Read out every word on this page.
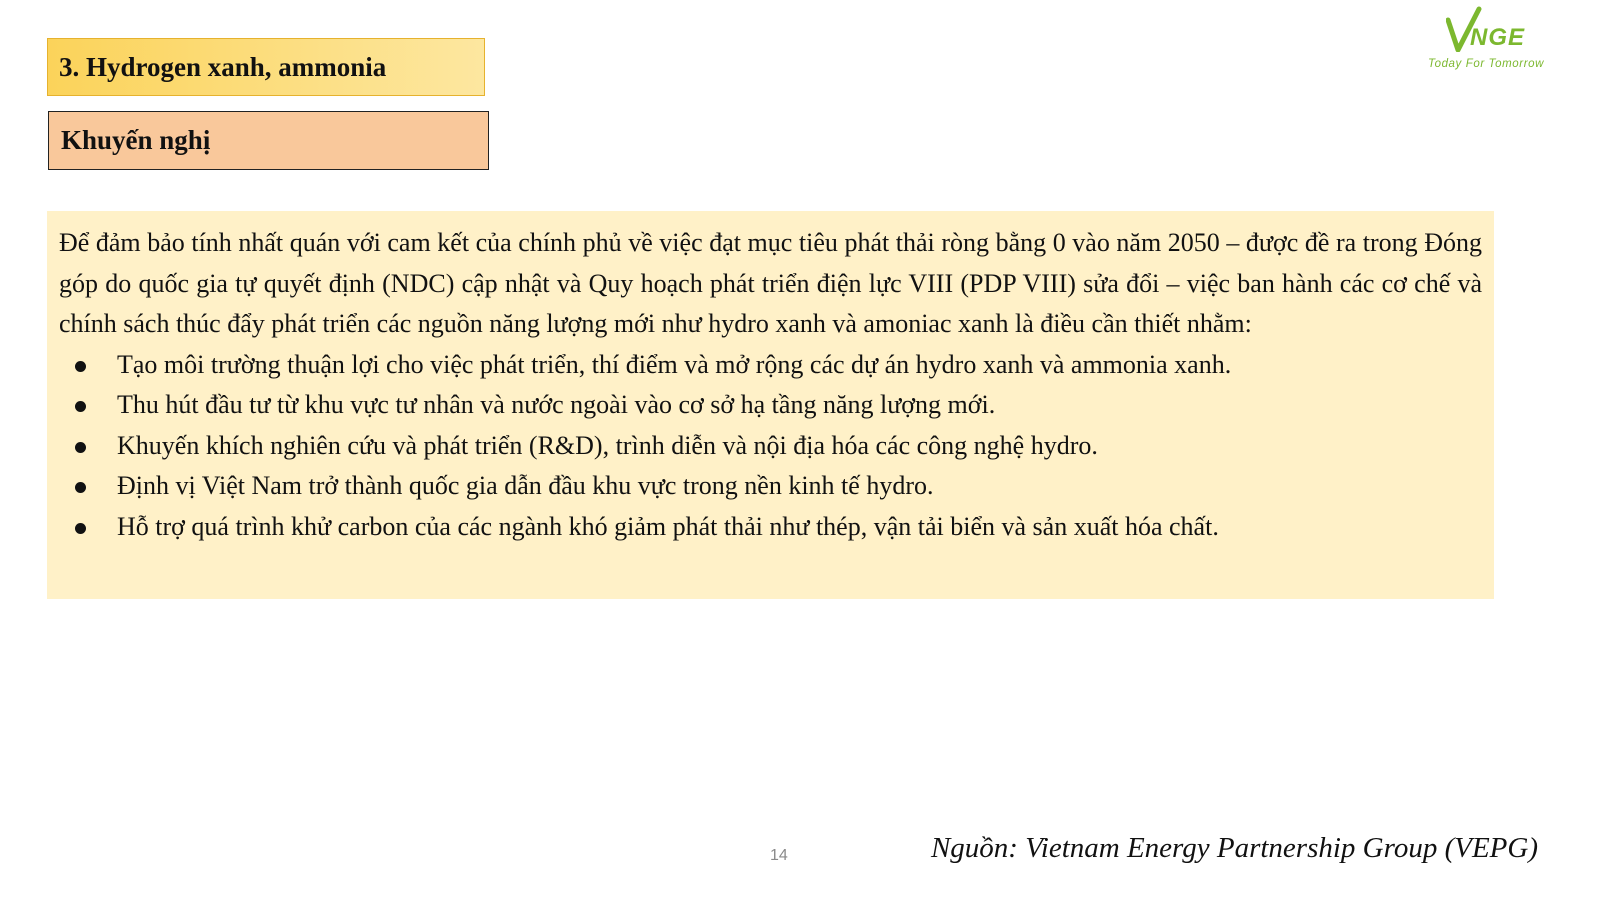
3. Hydrogen xanh, ammonia
Khuyến nghị
NGE
Today For Tomorrow

Để đảm bảo tính nhất quán với cam kết của chính phủ về việc đạt mục tiêu phát thải ròng bằng 0 vào năm 2050 – được đề ra trong Đóng góp do quốc gia tự quyết định (NDC) cập nhật và Quy hoạch phát triển điện lực VIII (PDP VIII) sửa đổi – việc ban hành các cơ chế và chính sách thúc đẩy phát triển các nguồn năng lượng mới như hydro xanh và amoniac xanh là điều cần thiết nhằm:

Tạo môi trường thuận lợi cho việc phát triển, thí điểm và mở rộng các dự án hydro xanh và ammonia xanh.
Thu hút đầu tư từ khu vực tư nhân và nước ngoài vào cơ sở hạ tầng năng lượng mới.
Khuyến khích nghiên cứu và phát triển (R&D), trình diễn và nội địa hóa các công nghệ hydro.
Định vị Việt Nam trở thành quốc gia dẫn đầu khu vực trong nền kinh tế hydro.
Hỗ trợ quá trình khử carbon của các ngành khó giảm phát thải như thép, vận tải biển và sản xuất hóa chất.
14	Nguồn: Vietnam Energy Partnership Group (VEPG)
